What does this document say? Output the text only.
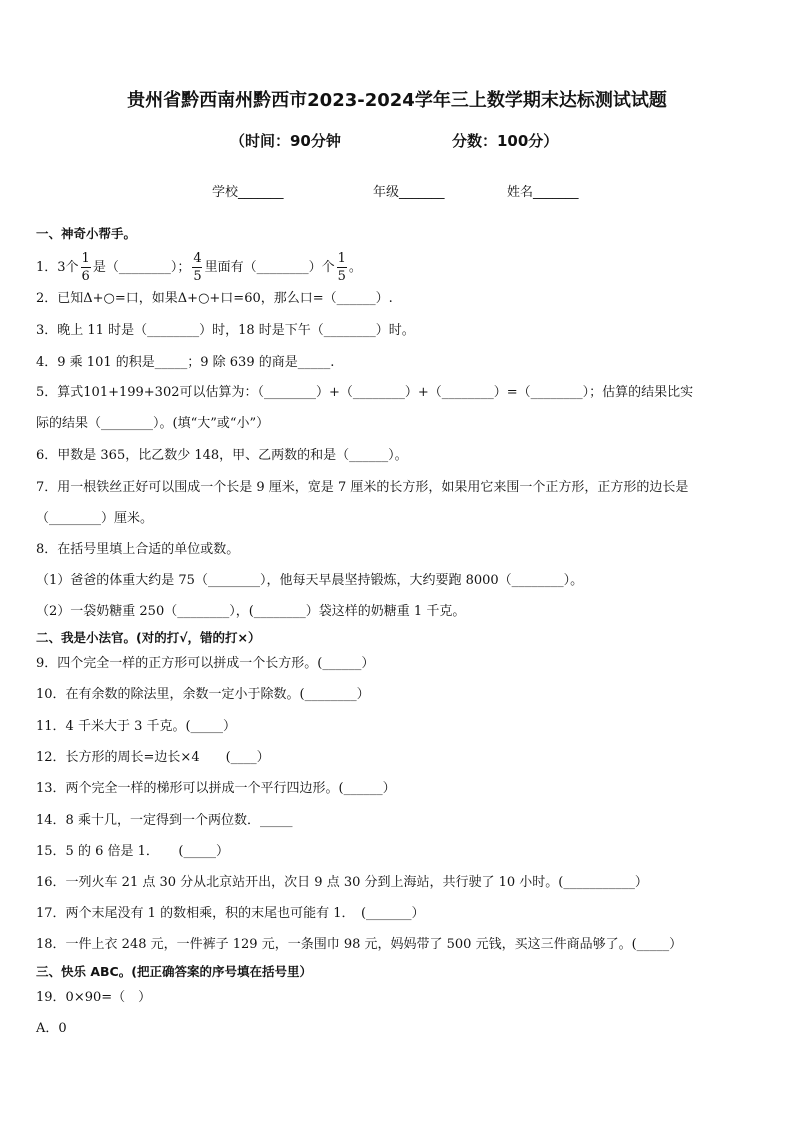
贵州省黔西南州黔西市2023-2024学年三上数学期末达标测试试题
（时间：90分钟	分数：100分）
学校_______	年级_______	姓名_______
一、神奇小帮手。
1．3个 $\frac{1}{6}$ 是（________）； $\frac{4}{5}$ 里面有（________）个 $\frac{1}{5}$ 。
2．已知Δ+○=口，如果Δ+○+口=60，那么口=（______）.
3．晚上 11 时是（________）时，18 时是下午（________）时。
4．9 乘 101 的积是_____；9 除 639 的商是_____.
5．算式101+199+302可以估算为：（________）+（________）+（________）=（________）；估算的结果比实
际的结果（________）。(填“大”或“小”）
6．甲数是 365，比乙数少 148，甲、乙两数的和是（______）。
7．用一根铁丝正好可以围成一个长是 9 厘米，宽是 7 厘米的长方形，如果用它来围一个正方形，正方形的边长是
（________）厘米。
8．在括号里填上合适的单位或数。
（1）爸爸的体重大约是 75（________），他每天早晨坚持锻炼，大约要跑 8000（________）。
（2）一袋奶糖重 250（________），(________）袋这样的奶糖重 1 千克。
二、我是小法官。(对的打√，错的打×）
9．四个完全一样的正方形可以拼成一个长方形。(______）
10．在有余数的除法里，余数一定小于除数。(________）
11．4 千米大于 3 千克。(_____）
12．长方形的周长=边长×4　　(____）
13．两个完全一样的梯形可以拼成一个平行四边形。(______）
14．8 乘十几，一定得到一个两位数．_____
15．5 的 6 倍是 1．　　(_____）
16．一列火车 21 点 30 分从北京站开出，次日 9 点 30 分到上海站，共行驶了 10 小时。(___________）
17．两个末尾没有 1 的数相乘，积的末尾也可能有 1．　(_______）
18．一件上衣 248 元，一件裤子 129 元，一条围巾 98 元，妈妈带了 500 元钱，买这三件商品够了。(_____）
三、快乐 ABC。(把正确答案的序号填在括号里）
19．0×90=（　）
A．0
